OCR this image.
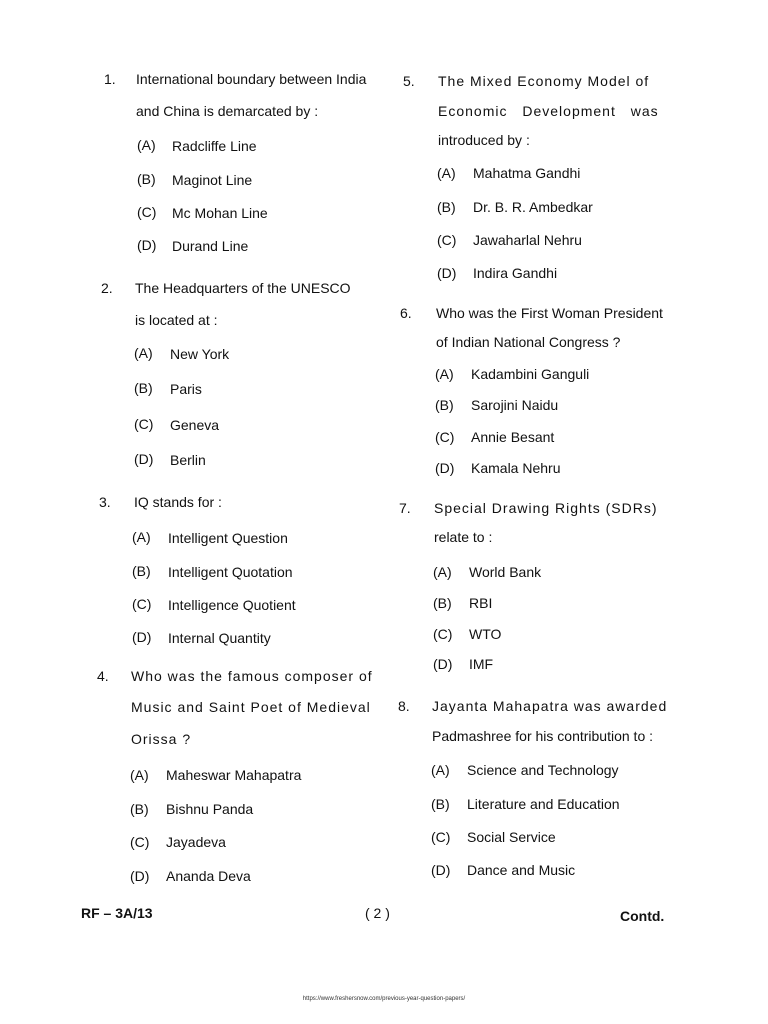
1.	International boundary between India
and China is demarcated by :
(A) Radcliffe Line
(B) Maginot Line
(C) Mc Mohan Line
(D) Durand Line
2.	The Headquarters of the UNESCO
is located at :
(A) New York
(B) Paris
(C) Geneva
(D) Berlin
3.	IQ stands for :
(A) Intelligent Question
(B) Intelligent Quotation
(C) Intelligence Quotient
(D) Internal Quantity
4.	Who was the famous composer of
Music and Saint Poet of Medieval
Orissa ?
(A) Maheswar Mahapatra
(B) Bishnu Panda
(C) Jayadeva
(D) Ananda Deva
5.	The Mixed Economy Model of
Economic Development was
introduced by :
(A) Mahatma Gandhi
(B) Dr. B. R. Ambedkar
(C) Jawaharlal Nehru
(D) Indira Gandhi
6.	Who was the First Woman President
of Indian National Congress ?
(A) Kadambini Ganguli
(B) Sarojini Naidu
(C) Annie Besant
(D) Kamala Nehru
7.	Special Drawing Rights (SDRs)
relate to :
(A) World Bank
(B) RBI
(C) WTO
(D) IMF
8.	Jayanta Mahapatra was awarded
Padmashree for his contribution to :
(A) Science and Technology
(B) Literature and Education
(C) Social Service
(D) Dance and Music
RF – 3A/13	( 2 )	Contd.
https://www.freshersnow.com/previous-year-question-papers/
